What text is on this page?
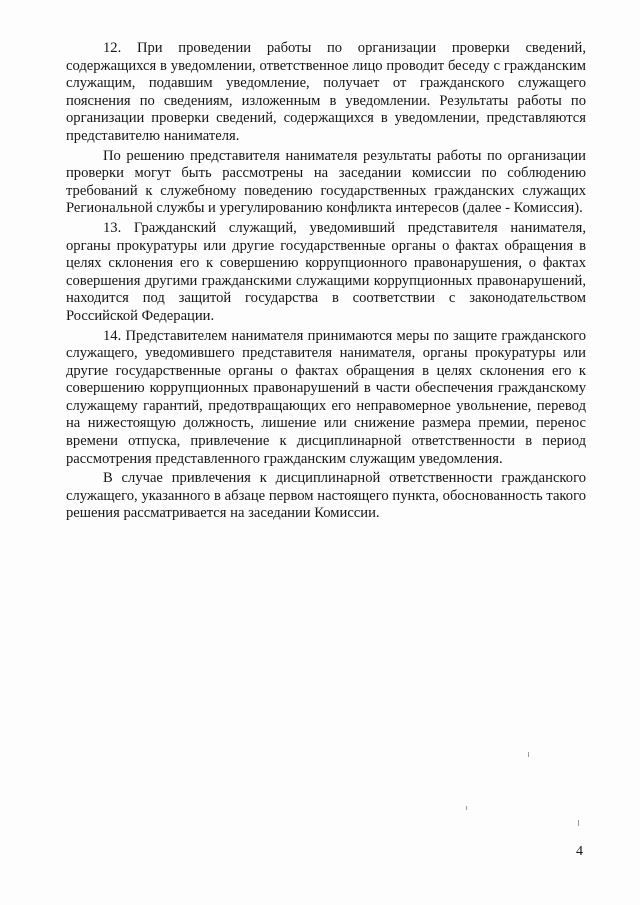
12. При проведении работы по организации проверки сведений, содержащихся в уведомлении, ответственное лицо проводит беседу с гражданским служащим, подавшим уведомление, получает от гражданского служащего пояснения по сведениям, изложенным в уведомлении. Результаты работы по организации проверки сведений, содержащихся в уведомлении, представляются представителю нанимателя.

По решению представителя нанимателя результаты работы по организации проверки могут быть рассмотрены на заседании комиссии по соблюдению требований к служебному поведению государственных гражданских служащих Региональной службы и урегулированию конфликта интересов (далее - Комиссия).

13. Гражданский служащий, уведомивший представителя нанимателя, органы прокуратуры или другие государственные органы о фактах обращения в целях склонения его к совершению коррупционного правонарушения, о фактах совершения другими гражданскими служащими коррупционных правонарушений, находится под защитой государства в соответствии с законодательством Российской Федерации.

14. Представителем нанимателя принимаются меры по защите гражданского служащего, уведомившего представителя нанимателя, органы прокуратуры или другие государственные органы о фактах обращения в целях склонения его к совершению коррупционных правонарушений в части обеспечения гражданскому служащему гарантий, предотвращающих его неправомерное увольнение, перевод на нижестоящую должность, лишение или снижение размера премии, перенос времени отпуска, привлечение к дисциплинарной ответственности в период рассмотрения представленного гражданским служащим уведомления.

В случае привлечения к дисциплинарной ответственности гражданского служащего, указанного в абзаце первом настоящего пункта, обоснованность такого решения рассматривается на заседании Комиссии.

4
